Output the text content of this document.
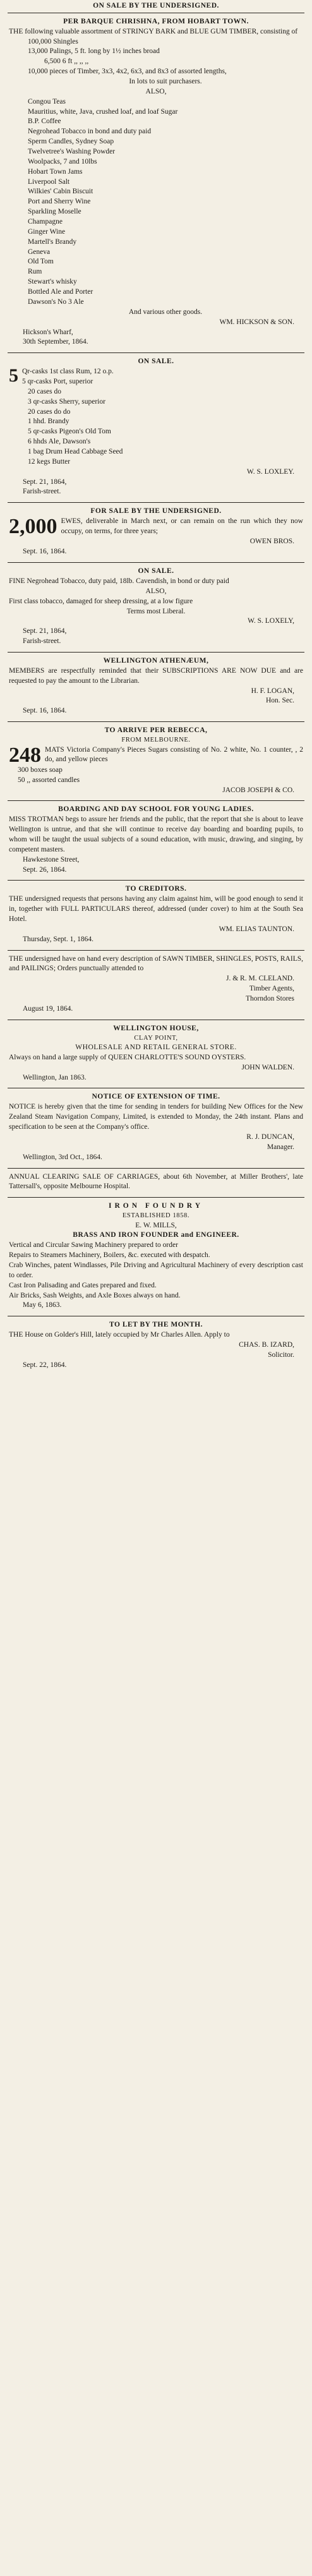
ON SALE BY THE UNDERSIGNED.
PER BARQUE CHRISHNA, FROM HOBART TOWN.

THE following valuable assortment of STRINGY BARK and BLUE GUM TIMBER, consisting of

100,000 Shingles
13,000 Palings, 5 ft. long by 1½ inches broad
6,500 6 ft ,, ,, ,,
10,000 pieces of Timber, 3x3, 4x2, 6x3, and 8x3 of assorted lengths,
In lots to suit purchasers.
ALSO,
Congou Teas
Mauritius, white, Java, crushed loaf, and loaf Sugar
B.P. Coffee
Negrohead Tobacco in bond and duty paid
Sperm Candles, Sydney Soap
Twelvetree's Washing Powder
Woolpacks, 7 and 10lbs
Hobart Town Jams
Liverpool Salt
Wilkies' Cabin Biscuit
Port and Sherry Wine
Sparkling Moselle
Champagne
Ginger Wine
Martell's Brandy
Geneva
Old Tom
Rum
Stewart's whisky
Bottled Ale and Porter
Dawson's No 3 Ale
And various other goods.
WM. HICKSON & SON.
Hickson's Wharf,
30th September, 1864.
ON SALE.
5 Qr-casks 1st class Rum, 12 o.p.
5 qr-casks Port, superior
20 cases do
3 qr-casks Sherry, superior
20 cases do do
1 hhd. Brandy
5 qr-casks Pigeon's Old Tom
6 hhds Ale, Dawson's
1 bag Drum Head Cabbage Seed
12 kegs Butter
W. S. LOXLEY.
Sept. 21, 1864,
Farish-street.
FOR SALE BY THE UNDERSIGNED.
2,000 EWES, deliverable in March next, or can remain on the run which they now occupy, on terms, for three years;

OWEN BROS.
Sept. 16, 1864.
ON SALE.

FINE Negrohead Tobacco, duty paid, 18lb. Cavendish, in bond or duty paid

ALSO,

First class tobacco, damaged for sheep dressing, at a low figure

Terms most Liberal.
W. S. LOXELY,
Sept. 21, 1864,
Farish-street.
WELLINGTON ATHENÆUM,

MEMBERS are respectfully reminded that their SUBSCRIPTIONS ARE NOW DUE and are requested to pay the amount to the Librarian.

H. F. LOGAN,
Hon. Sec.
Sept. 16, 1864.
TO ARRIVE PER REBECCA,
FROM MELBOURNE.
248 MATS Victoria Company's Pieces Sugars consisting of No. 2 white, No. 1 counter, , 2 do, and yellow pieces

300 boxes soap
50 ,, assorted candles
JACOB JOSEPH & CO.
BOARDING AND DAY SCHOOL FOR YOUNG LADIES.

MISS TROTMAN begs to assure her friends and the public, that the report that she is about to leave Wellington is untrue, and that she will continue to receive day boarding and boarding pupils, to whom will be taught the usual subjects of a sound education, with music, drawing, and singing, by competent masters.

Hawkestone Street,
Sept. 26, 1864.
TO CREDITORS.

THE undersigned requests that persons having any claim against him, will be good enough to send it in, together with FULL PARTICULARS thereof, addressed (under cover) to him at the South Sea Hotel.

WM. ELIAS TAUNTON.
Thursday, Sept. 1, 1864.

THE undersigned have on hand every description of SAWN TIMBER, SHINGLES, POSTS, RAILS, and PAILINGS; Orders punctually attended to

J. & R. M. CLELAND.
Timber Agents,
Thorndon Stores
August 19, 1864.
WELLINGTON HOUSE,
CLAY POINT,
WHOLESALE AND RETAIL GENERAL STORE.

Always on hand a large supply of QUEEN CHARLOTTE'S SOUND OYSTERS.

JOHN WALDEN.
Wellington, Jan 1863.
NOTICE OF EXTENSION OF TIME.

NOTICE is hereby given that the time for sending in tenders for building New Offices for the New Zealand Steam Navigation Company, Limited, is extended to Monday, the 24th instant. Plans and specification to be seen at the Company's office.

R. J. DUNCAN,
Manager.
Wellington, 3rd Oct., 1864.

ANNUAL CLEARING SALE OF CARRIAGES, about 6th November, at Miller Brothers', late Tattersall's, opposite Melbourne Hospital.

IRON FOUNDRY
ESTABLISHED 1858.
E. W. MILLS,
BRASS AND IRON FOUNDER and ENGINEER.

Vertical and Circular Sawing Machinery prepared to order

Repairs to Steamers Machinery, Boilers, &c. executed with despatch.

Crab Winches, patent Windlasses, Pile Driving and Agricultural Machinery of every description cast to order.

Cast Iron Palisading and Gates prepared and fixed.

Air Bricks, Sash Weights, and Axle Boxes always on hand.

May 6, 1863.
TO LET BY THE MONTH.

THE House on Golder's Hill, lately occupied by Mr Charles Allen. Apply to

CHAS. B. IZARD,
Solicitor.
Sept. 22, 1864.
